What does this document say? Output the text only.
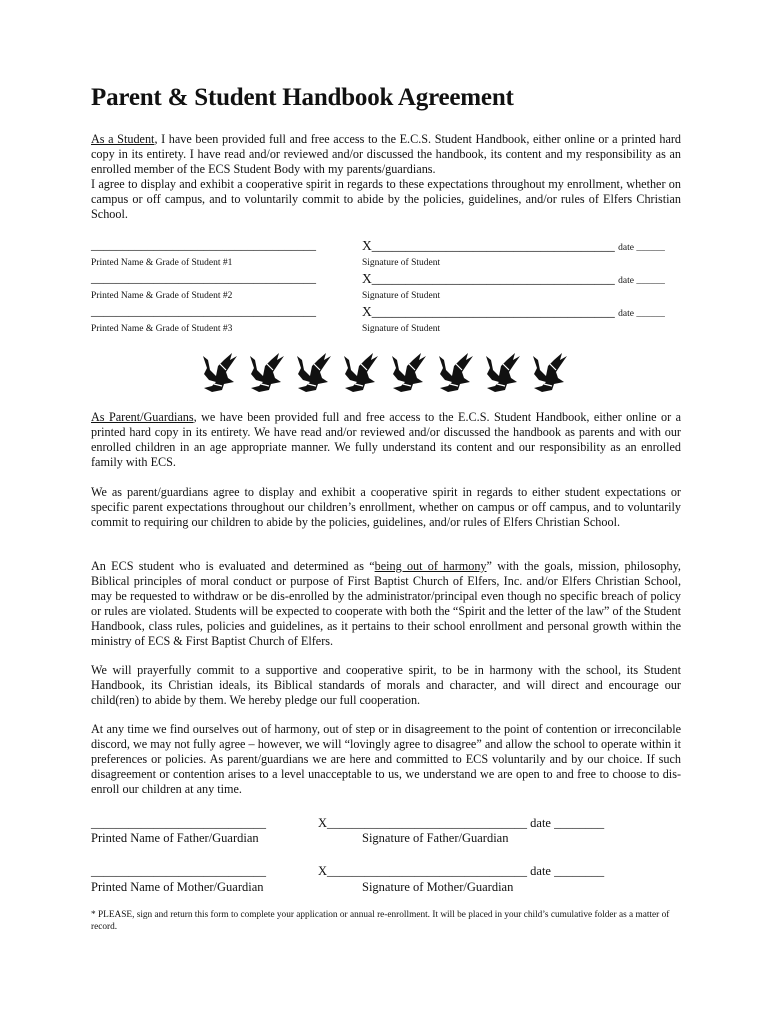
Parent & Student Handbook Agreement

As a Student, I have been provided full and free access to the E.C.S. Student Handbook, either online or a printed hard copy in its entirety. I have read and/or reviewed and/or discussed the handbook, its content and my responsibility as an enrolled member of the ECS Student Body with my parents/guardians.

I agree to display and exhibit a cooperative spirit in regards to these expectations throughout my enrollment, whether on campus or off campus, and to voluntarily commit to abide by the policies, guidelines, and/or rules of Elfers Christian School.

____________________________________
Printed Name & Grade of Student #1
X____________________________________ date ______
Signature of Student
____________________________________
Printed Name & Grade of Student #2
X____________________________________ date ______
Signature of Student
____________________________________
Printed Name & Grade of Student #3
X____________________________________ date ______
Signature of Student

As Parent/Guardians, we have been provided full and free access to the E.C.S. Student Handbook, either online or a printed hard copy in its entirety. We have read and/or reviewed and/or discussed the handbook as parents and with our enrolled children in an age appropriate manner. We fully understand its content and our responsibility as an enrolled family with ECS.

We as parent/guardians agree to display and exhibit a cooperative spirit in regards to either student expectations or specific parent expectations throughout our children’s enrollment, whether on campus or off campus, and to voluntarily commit to requiring our children to abide by the policies, guidelines, and/or rules of Elfers Christian School.

An ECS student who is evaluated and determined as “being out of harmony” with the goals, mission, philosophy, Biblical principles of moral conduct or purpose of First Baptist Church of Elfers, Inc. and/or Elfers Christian School, may be requested to withdraw or be dis-enrolled by the administrator/principal even though no specific breach of policy or rules are violated. Students will be expected to cooperate with both the “Spirit and the letter of the law” of the Student Handbook, class rules, policies and guidelines, as it pertains to their school enrollment and personal growth within the ministry of ECS & First Baptist Church of Elfers.

We will prayerfully commit to a supportive and cooperative spirit, to be in harmony with the school, its Student Handbook, its Christian ideals, its Biblical standards of morals and character, and will direct and encourage our child(ren) to abide by them. We hereby pledge our full cooperation.

At any time we find ourselves out of harmony, out of step or in disagreement to the point of contention or irreconcilable discord, we may not fully agree – however, we will “lovingly agree to disagree” and allow the school to operate within it preferences or policies. As parent/guardians we are here and committed to ECS voluntarily and by our choice. If such disagreement or contention arises to a level unacceptable to us, we understand we are open to and free to choose to dis-enroll our children at any time.

____________________________
Printed Name of Father/Guardian
X________________________________ date ________
Signature of Father/Guardian
____________________________
Printed Name of Mother/Guardian
X________________________________ date ________
Signature of Mother/Guardian

* PLEASE, sign and return this form to complete your application or annual re-enrollment. It will be placed in your child’s cumulative folder as a matter of record.
